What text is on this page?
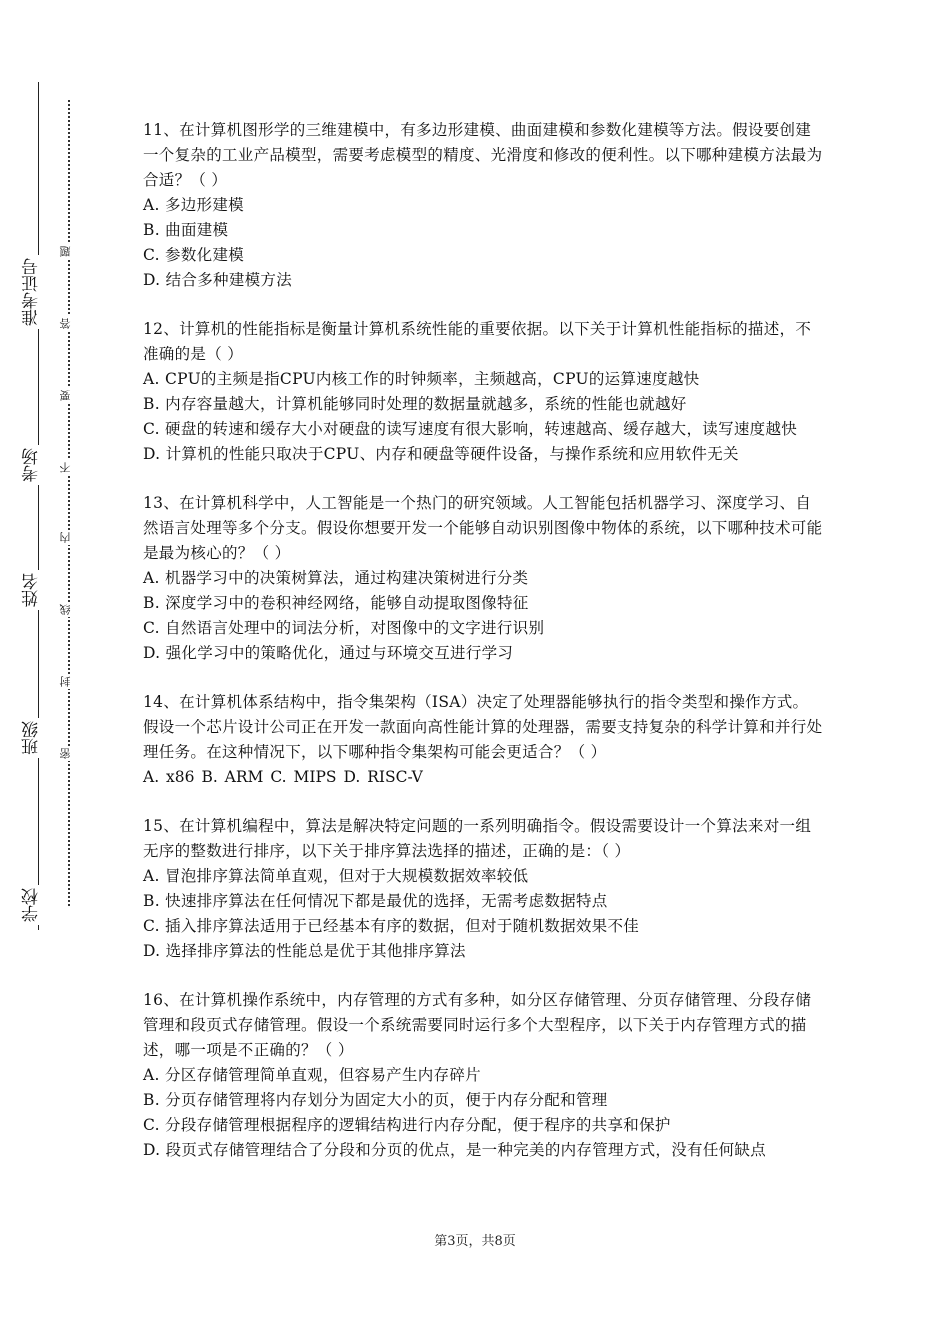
准考证号
考场
姓名
班级
学校
题
答
要
不
内
线
封
密

11、在计算机图形学的三维建模中，有多边形建模、曲面建模和参数化建模等方法。假设要创建一个复杂的工业产品模型，需要考虑模型的精度、光滑度和修改的便利性。以下哪种建模方法最为合适？（ ）

A. 多边形建模

B. 曲面建模

C. 参数化建模

D. 结合多种建模方法

12、计算机的性能指标是衡量计算机系统性能的重要依据。以下关于计算机性能指标的描述，不准确的是（ ）

A. CPU的主频是指CPU内核工作的时钟频率，主频越高，CPU的运算速度越快

B. 内存容量越大，计算机能够同时处理的数据量就越多，系统的性能也就越好

C. 硬盘的转速和缓存大小对硬盘的读写速度有很大影响，转速越高、缓存越大，读写速度越快

D. 计算机的性能只取决于CPU、内存和硬盘等硬件设备，与操作系统和应用软件无关

13、在计算机科学中，人工智能是一个热门的研究领域。人工智能包括机器学习、深度学习、自然语言处理等多个分支。假设你想要开发一个能够自动识别图像中物体的系统，以下哪种技术可能是最为核心的？（ ）

A. 机器学习中的决策树算法，通过构建决策树进行分类

B. 深度学习中的卷积神经网络，能够自动提取图像特征

C. 自然语言处理中的词法分析，对图像中的文字进行识别

D. 强化学习中的策略优化，通过与环境交互进行学习

14、在计算机体系结构中，指令集架构（ISA）决定了处理器能够执行的指令类型和操作方式。假设一个芯片设计公司正在开发一款面向高性能计算的处理器，需要支持复杂的科学计算和并行处理任务。在这种情况下，以下哪种指令集架构可能会更适合？（ ）

A. x86 B. ARM C. MIPS D. RISC-V

15、在计算机编程中，算法是解决特定问题的一系列明确指令。假设需要设计一个算法来对一组无序的整数进行排序，以下关于排序算法选择的描述，正确的是：（ ）

A. 冒泡排序算法简单直观，但对于大规模数据效率较低

B. 快速排序算法在任何情况下都是最优的选择，无需考虑数据特点

C. 插入排序算法适用于已经基本有序的数据，但对于随机数据效果不佳

D. 选择排序算法的性能总是优于其他排序算法

16、在计算机操作系统中，内存管理的方式有多种，如分区存储管理、分页存储管理、分段存储管理和段页式存储管理。假设一个系统需要同时运行多个大型程序，以下关于内存管理方式的描述，哪一项是不正确的？（ ）

A. 分区存储管理简单直观，但容易产生内存碎片

B. 分页存储管理将内存划分为固定大小的页，便于内存分配和管理

C. 分段存储管理根据程序的逻辑结构进行内存分配，便于程序的共享和保护

D. 段页式存储管理结合了分段和分页的优点，是一种完美的内存管理方式，没有任何缺点

第3页，共8页
